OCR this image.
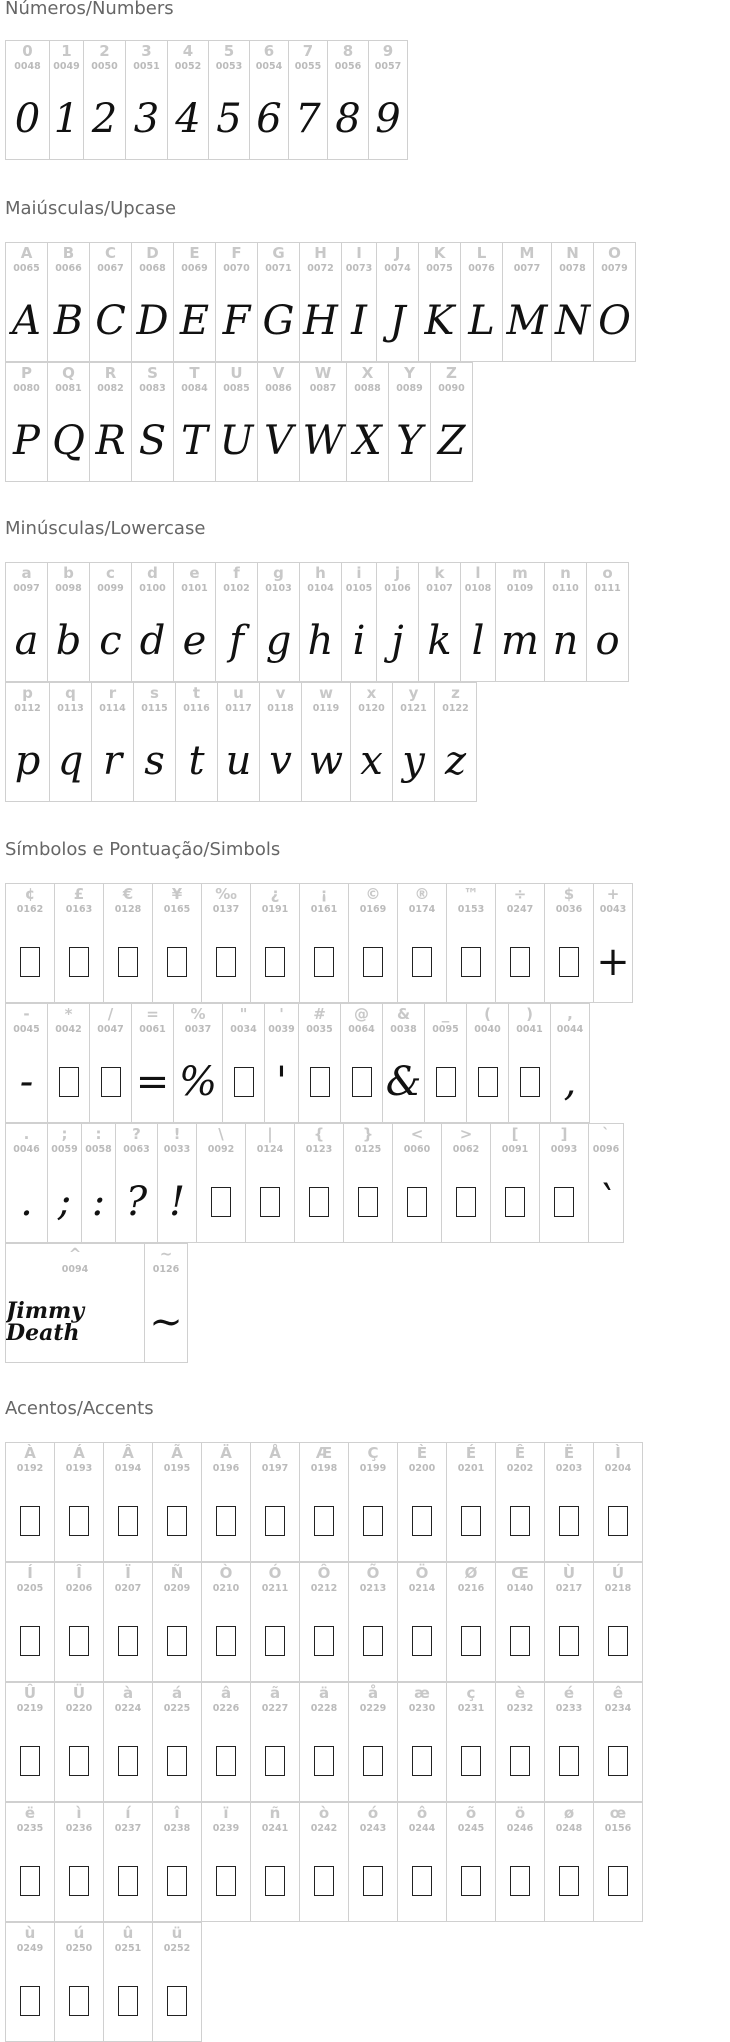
Números/Numbers
0
0048
0
1
0049
1
2
0050
2
3
0051
3
4
0052
4
5
0053
5
6
0054
6
7
0055
7
8
0056
8
9
0057
9
Maiúsculas/Upcase
A
0065
A
B
0066
B
C
0067
C
D
0068
D
E
0069
E
F
0070
F
G
0071
G
H
0072
H
I
0073
I
J
0074
J
K
0075
K
L
0076
L
M
0077
M
N
0078
N
O
0079
O
P
0080
P
Q
0081
Q
R
0082
R
S
0083
S
T
0084
T
U
0085
U
V
0086
V
W
0087
W
X
0088
X
Y
0089
Y
Z
0090
Z
Minúsculas/Lowercase
a
0097
a
b
0098
b
c
0099
c
d
0100
d
e
0101
e
f
0102
f
g
0103
g
h
0104
h
i
0105
i
j
0106
j
k
0107
k
l
0108
l
m
0109
m
n
0110
n
o
0111
o
p
0112
p
q
0113
q
r
0114
r
s
0115
s
t
0116
t
u
0117
u
v
0118
v
w
0119
w
x
0120
x
y
0121
y
z
0122
z
Símbolos e Pontuação/Simbols
¢
0162
£
0163
€
0128
¥
0165
‰
0137
¿
0191
¡
0161
©
0169
®
0174
™
0153
÷
0247
$
0036
+
0043
+
-
0045
-
*
0042
/
0047
=
0061
=
%
0037
%
"
0034
'
0039
'
#
0035
@
0064
&
0038
&
_
0095
(
0040
)
0041
,
0044
,
.
0046
.
;
0059
;
:
0058
:
?
0063
?
!
0033
!
\
0092
|
0124
{
0123
}
0125
<
0060
>
0062
[
0091
]
0093
`
0096
`
^
0094
Jimmy Death
~
0126
~
Acentos/Accents
À
0192
Á
0193
Â
0194
Ã
0195
Ä
0196
Å
0197
Æ
0198
Ç
0199
È
0200
É
0201
Ê
0202
Ë
0203
Ì
0204
Í
0205
Î
0206
Ï
0207
Ñ
0209
Ò
0210
Ó
0211
Ô
0212
Õ
0213
Ö
0214
Ø
0216
Œ
0140
Ù
0217
Ú
0218
Û
0219
Ü
0220
à
0224
á
0225
â
0226
ã
0227
ä
0228
å
0229
æ
0230
ç
0231
è
0232
é
0233
ê
0234
ë
0235
ì
0236
í
0237
î
0238
ï
0239
ñ
0241
ò
0242
ó
0243
ô
0244
õ
0245
ö
0246
ø
0248
œ
0156
ù
0249
ú
0250
û
0251
ü
0252
